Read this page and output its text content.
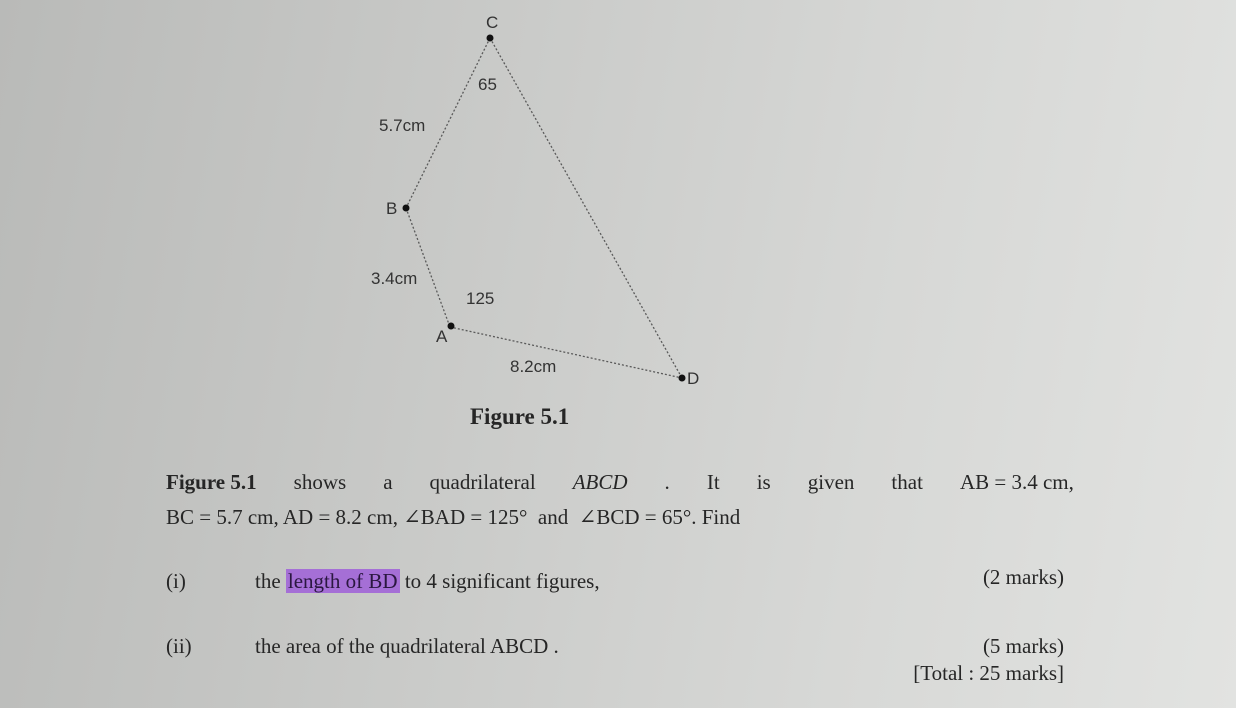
C
B
A
D
65
5.7cm
3.4cm
125
8.2cm
Figure 5.1
Figure 5.1 shows a quadrilateral ABCD . It is given that AB = 3.4 cm,
BC = 5.7 cm, AD = 8.2 cm, ∠BAD = 125° and ∠BCD = 65°. Find
(i)	the length of BD to 4 significant figures,	(2 marks)
(ii)	the area of the quadrilateral ABCD .	(5 marks)
[Total : 25 marks]
